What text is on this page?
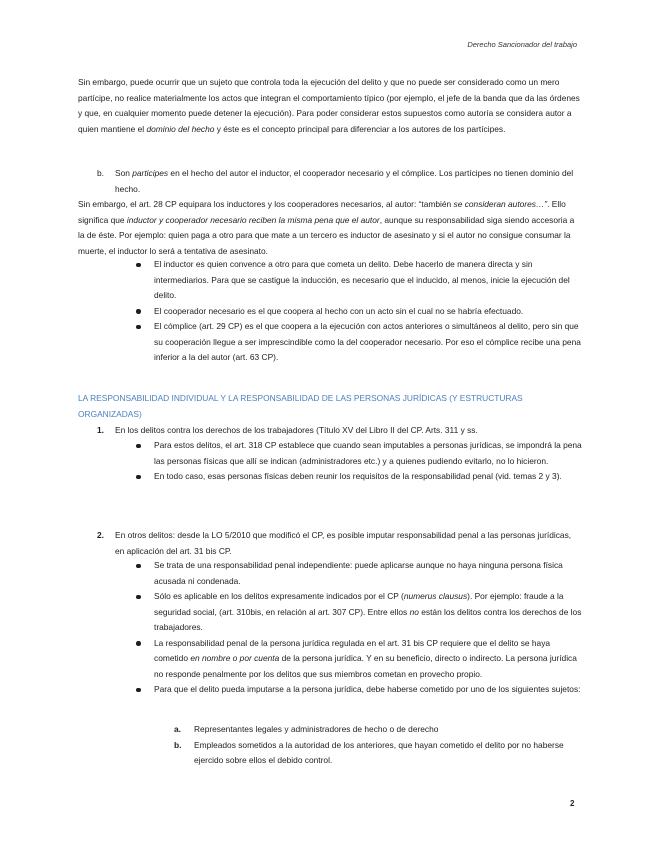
Derecho Sancionador del trabajo

Sin embargo, puede ocurrir que un sujeto que controla toda la ejecución del delito y que no puede ser considerado como un mero partícipe, no realice materialmente los actos que integran el comportamiento típico (por ejemplo, el jefe de la banda que da las órdenes y que, en cualquier momento puede detener la ejecución). Para poder considerar estos supuestos como autoría se considera autor a quien mantiene el dominio del hecho y éste es el concepto principal para diferenciar a los autores de los partícipes.

b. Son participes en el hecho del autor el inductor, el cooperador necesario y el cómplice. Los partícipes no tienen dominio del hecho.

Sin embargo, el art. 28 CP equipara los inductores y los cooperadores necesarios, al autor: “también se consideran autores…”. Ello significa que inductor y cooperador necesario reciben la misma pena que el autor, aunque su responsabilidad siga siendo accesoria a la de éste. Por ejemplo: quien paga a otro para que mate a un tercero es inductor de asesinato y si el autor no consigue consumar la muerte, el inductor lo será a tentativa de asesinato.

El inductor es quien convence a otro para que cometa un delito. Debe hacerlo de manera directa y sin intermediarios. Para que se castigue la inducción, es necesario que el inducido, al menos, inicie la ejecución del delito.
El cooperador necesario es el que coopera al hecho con un acto sin el cual no se habría efectuado.
El cómplice (art. 29 CP) es el que coopera a la ejecución con actos anteriores o simultáneos al delito, pero sin que su cooperación llegue a ser imprescindible como la del cooperador necesario. Por eso el cómplice recibe una pena inferior a la del autor (art. 63 CP).
LA RESPONSABILIDAD INDIVIDUAL Y LA RESPONSABILIDAD DE LAS PERSONAS JURÍDICAS (Y ESTRUCTURAS ORGANIZADAS)
1. En los delitos contra los derechos de los trabajadores (Título XV del Libro II del CP. Arts. 311 y ss.
Para estos delitos, el art. 318 CP establece que cuando sean imputables a personas jurídicas, se impondrá la pena las personas físicas que allí se indican (administradores etc.) y a quienes pudiendo evitarlo, no lo hicieron.
En todo caso, esas personas físicas deben reunir los requisitos de la responsabilidad penal (vid. temas 2 y 3).
2. En otros delitos: desde la LO 5/2010 que modificó el CP, es posible imputar responsabilidad penal a las personas jurídicas, en aplicación del art. 31 bis CP.
Se trata de una responsabilidad penal independiente: puede aplicarse aunque no haya ninguna persona física acusada ni condenada.
Sólo es aplicable en los delitos expresamente indicados por el CP (numerus clausus). Por ejemplo: fraude a la seguridad social, (art. 310bis, en relación al art. 307 CP). Entre ellos no están los delitos contra los derechos de los trabajadores.
La responsabilidad penal de la persona jurídica regulada en el art. 31 bis CP requiere que el delito se haya cometido en nombre o por cuenta de la persona jurídica. Y en su beneficio, directo o indirecto. La persona jurídica no responde penalmente por los delitos que sus miembros cometan en provecho propio.
Para que el delito pueda imputarse a la persona jurídica, debe haberse cometido por uno de los siguientes sujetos:
a. Representantes legales y administradores de hecho o de derecho
b. Empleados sometidos a la autoridad de los anteriores, que hayan cometido el delito por no haberse ejercido sobre ellos el debido control.
2
